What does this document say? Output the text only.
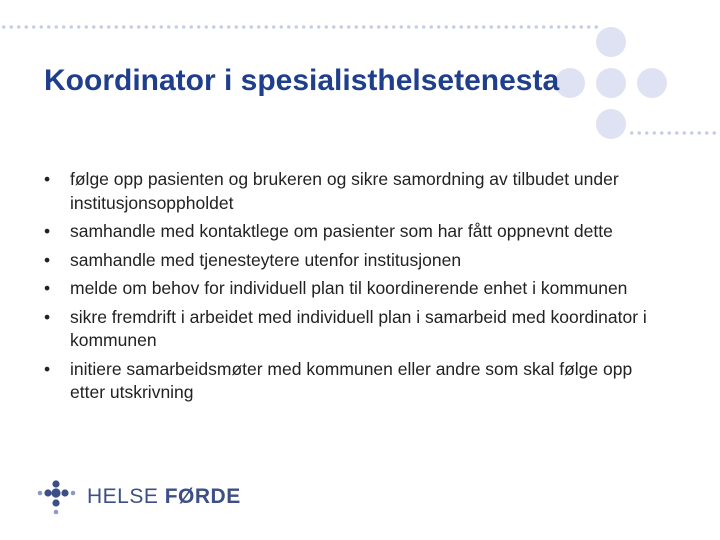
Koordinator i spesialisthelsetenesta
• følge opp pasienten og brukeren og sikre samordning av tilbudet under institusjonsoppholdet
• samhandle med kontaktlege om pasienter som har fått oppnevnt dette
• samhandle med tjenesteytere utenfor institusjonen
• melde om behov for individuell plan til koordinerende enhet i kommunen
• sikre fremdrift i arbeidet med individuell plan i samarbeid med koordinator i kommunen
• initiere samarbeidsmøter med kommunen eller andre som skal følge opp etter utskrivning
HELSE FØRDE
